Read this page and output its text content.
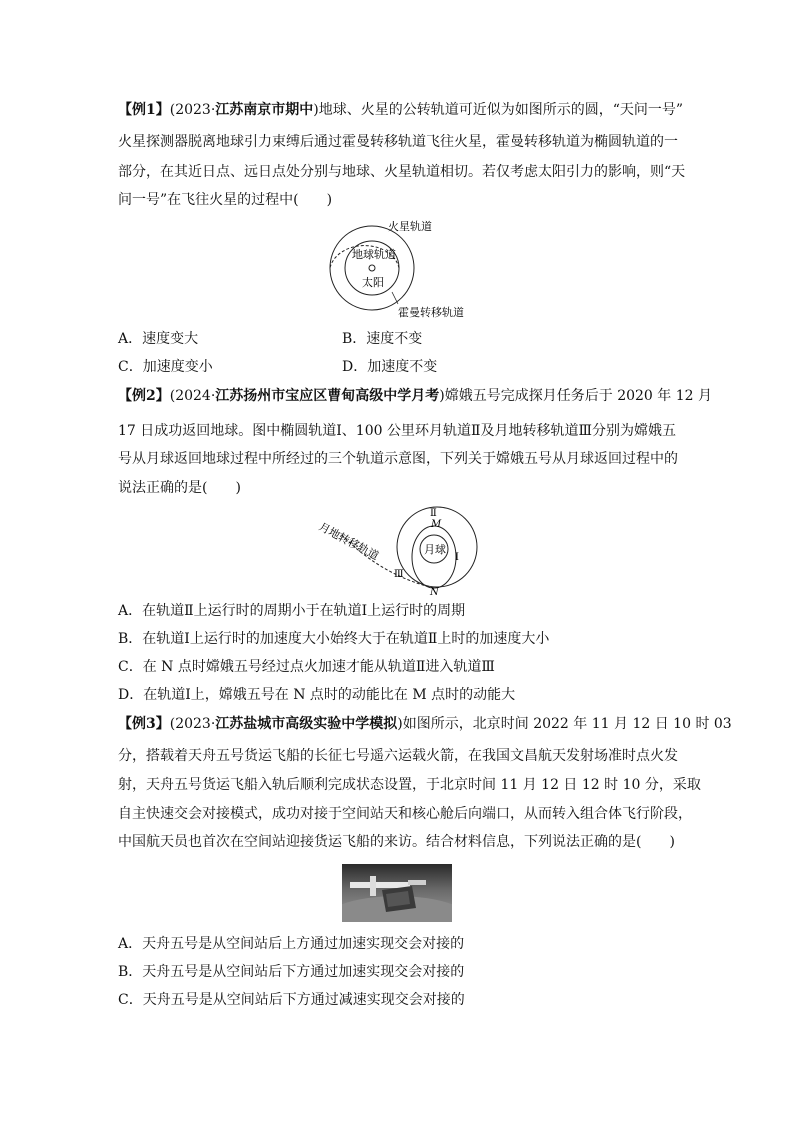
【例1】(2023·江苏南京市期中)地球、火星的公转轨道可近似为如图所示的圆，“天问一号”
火星探测器脱离地球引力束缚后通过霍曼转移轨道飞往火星，霍曼转移轨道为椭圆轨道的一
部分，在其近日点、远日点处分别与地球、火星轨道相切。若仅考虑太阳引力的影响，则“天
问一号”在飞往火星的过程中(　　)
火星轨道
地球轨道
太阳
霍曼转移轨道
A．速度变大	B．速度不变
C．加速度变小	D．加速度不变
【例2】(2024·江苏扬州市宝应区曹甸高级中学月考)嫦娥五号完成探月任务后于 2020 年 12 月
17 日成功返回地球。图中椭圆轨道Ⅰ、100 公里环月轨道Ⅱ及月地转移轨道Ⅲ分别为嫦娥五
号从月球返回地球过程中所经过的三个轨道示意图，下列关于嫦娥五号从月球返回过程中的
说法正确的是(　　)
月地转移轨道	月球
Ⅱ
M
Ⅰ
Ⅲ
N
A．在轨道Ⅱ上运行时的周期小于在轨道Ⅰ上运行时的周期
B．在轨道Ⅰ上运行时的加速度大小始终大于在轨道Ⅱ上时的加速度大小
C．在 N 点时嫦娥五号经过点火加速才能从轨道Ⅱ进入轨道Ⅲ
D．在轨道Ⅰ上，嫦娥五号在 N 点时的动能比在 M 点时的动能大
【例3】(2023·江苏盐城市高级实验中学模拟)如图所示，北京时间 2022 年 11 月 12 日 10 时 03
分，搭载着天舟五号货运飞船的长征七号遥六运载火箭，在我国文昌航天发射场准时点火发
射，天舟五号货运飞船入轨后顺利完成状态设置，于北京时间 11 月 12 日 12 时 10 分，采取
自主快速交会对接模式，成功对接于空间站天和核心舱后向端口，从而转入组合体飞行阶段，
中国航天员也首次在空间站迎接货运飞船的来访。结合材料信息，下列说法正确的是(　　)
A．天舟五号是从空间站后上方通过加速实现交会对接的
B．天舟五号是从空间站后下方通过加速实现交会对接的
C．天舟五号是从空间站后下方通过减速实现交会对接的
